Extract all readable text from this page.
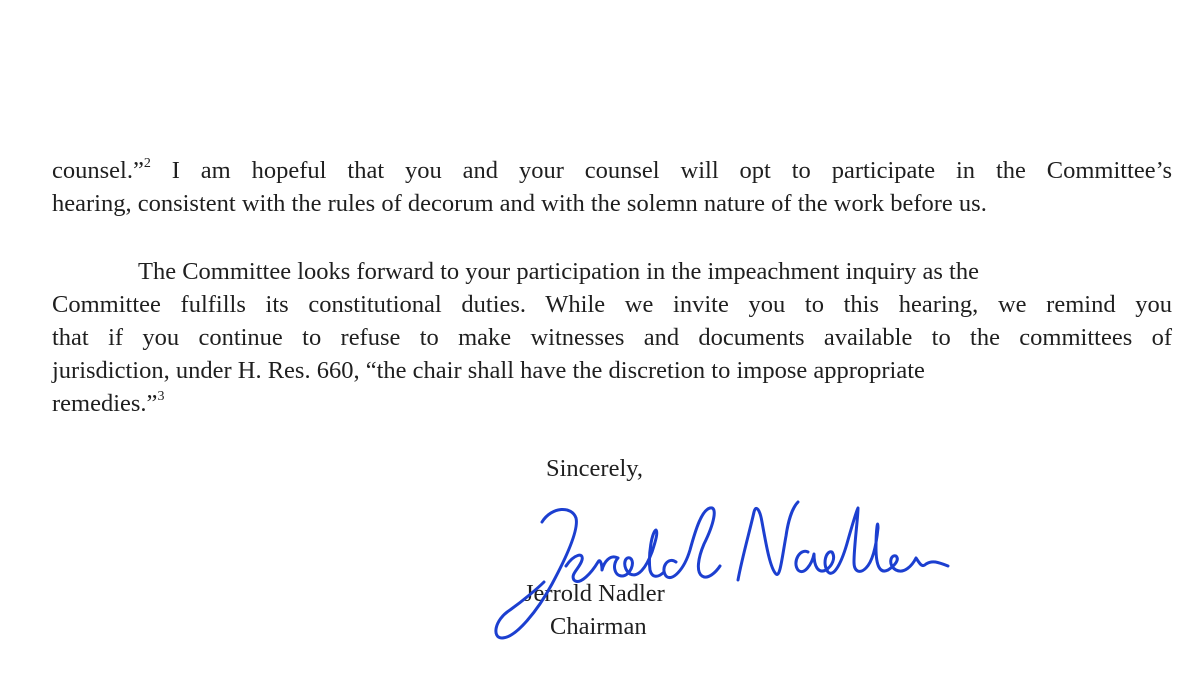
counsel.”$^2$ I am hopeful that you and your counsel will opt to participate in the Committee’s
hearing, consistent with the rules of decorum and with the solemn nature of the work before us.

The Committee looks forward to your participation in the impeachment inquiry as the
Committee fulfills its constitutional duties. While we invite you to this hearing, we remind you
that if you continue to refuse to make witnesses and documents available to the committees of
jurisdiction, under H. Res. 660, “the chair shall have the discretion to impose appropriate
remedies.”$^3$

Sincerely,

Jerrold Nadler

Chairman
